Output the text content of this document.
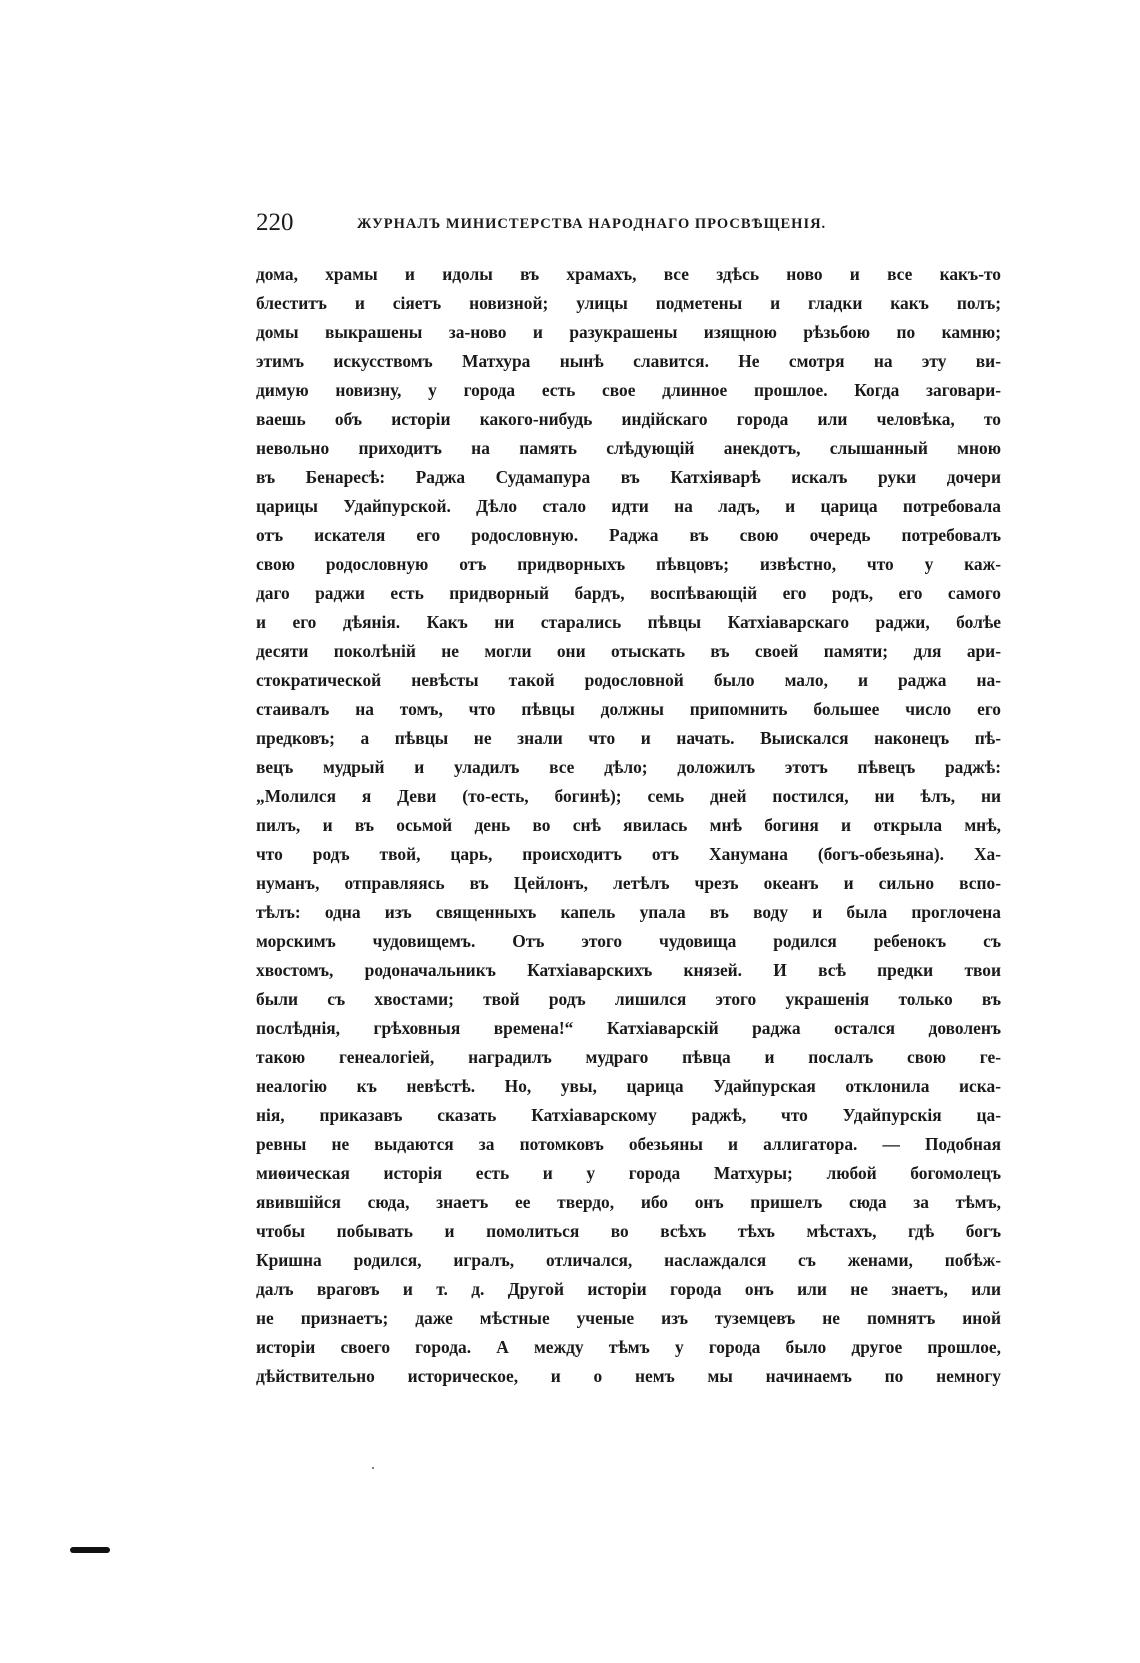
220	ЖУРНАЛЪ МИНИСТЕРСТВА НАРОДНАГО ПРОСВѢЩЕНІЯ.
дома, храмы и идолы въ храмахъ, все здѣсь ново и все какъ-то
блеститъ и сіяетъ новизной; улицы подметены и гладки какъ полъ;
домы выкрашены за-ново и разукрашены изящною рѣзьбою по камню;
этимъ искусствомъ Матхура нынѣ славится. Не смотря на эту ви-
димую новизну, у города есть свое длинное прошлое. Когда заговари-
ваешь объ исторіи какого-нибудь индійскаго города или человѣка, то
невольно приходитъ на память слѣдующій анекдотъ, слышанный мною
въ Бенаресѣ: Раджа Судамапура въ Катхіяварѣ искалъ руки дочери
царицы Удайпурской. Дѣло стало идти на ладъ, и царица потребовала
отъ искателя его родословную. Раджа въ свою очередь потребовалъ
свою родословную отъ придворныхъ пѣвцовъ; извѣстно, что у каж-
даго раджи есть придворный бардъ, воспѣвающій его родъ, его самого
и его дѣянія. Какъ ни старались пѣвцы Катхіаварскаго раджи, болѣе
десяти поколѣній не могли они отыскать въ своей памяти; для ари-
стократической невѣсты такой родословной было мало, и раджа на-
стаивалъ на томъ, что пѣвцы должны припомнить большее число его
предковъ; а пѣвцы не знали что и начать. Выискался наконецъ пѣ-
вецъ мудрый и уладилъ все дѣло; доложилъ этотъ пѣвецъ раджѣ:
„Молился я Деви (то-есть, богинѣ); семь дней постился, ни ѣлъ, ни
пилъ, и въ осьмой день во снѣ явилась мнѣ богиня и открыла мнѣ,
что родъ твой, царь, происходитъ отъ Ханумана (богъ-обезьяна). Ха-
нуманъ, отправляясь въ Цейлонъ, летѣлъ чрезъ океанъ и сильно вспо-
тѣлъ: одна изъ священныхъ капель упала въ воду и была проглочена
морскимъ чудовищемъ. Отъ этого чудовища родился ребенокъ съ
хвостомъ, родоначальникъ Катхіаварскихъ князей. И всѣ предки твои
были съ хвостами; твой родъ лишился этого украшенія только въ
послѣднія, грѣховныя времена!“ Катхіаварскій раджа остался доволенъ
такою генеалогіей, наградилъ мудраго пѣвца и послалъ свою ге-
неалогію къ невѣстѣ. Но, увы, царица Удайпурская отклонила иска-
нія, приказавъ сказать Катхіаварскому раджѣ, что Удайпурскія ца-
ревны не выдаются за потомковъ обезьяны и аллигатора. — Подобная
миѳическая исторія есть и у города Матхуры; любой богомолецъ
явившійся сюда, знаетъ ее твердо, ибо онъ пришелъ сюда за тѣмъ,
чтобы побывать и помолиться во всѣхъ тѣхъ мѣстахъ, гдѣ богъ
Кришна родился, игралъ, отличался, наслаждался съ женами, побѣж-
далъ враговъ и т. д. Другой исторіи города онъ или не знаетъ, или
не признаетъ; даже мѣстные ученые изъ туземцевъ не помнятъ иной
исторіи своего города. А между тѣмъ у города было другое прошлое,
дѣйствительно историческое, и о немъ мы начинаемъ по немногу
